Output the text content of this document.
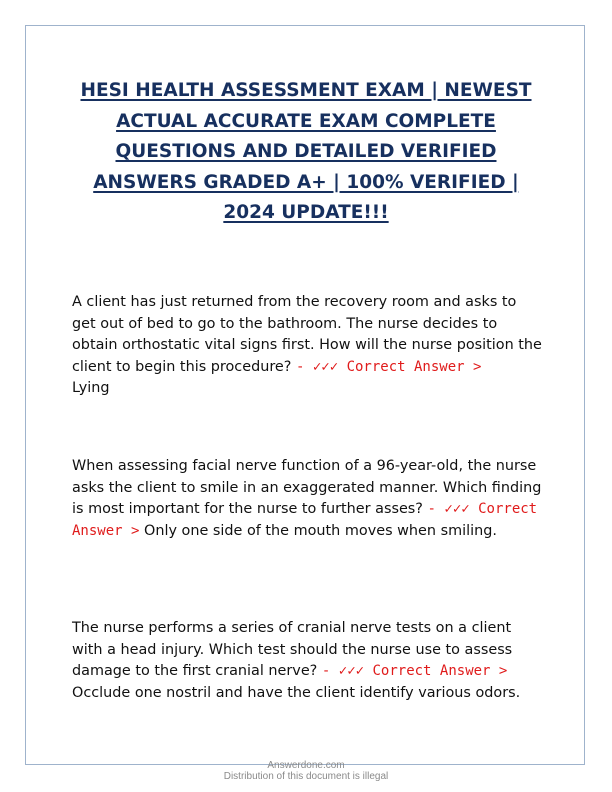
HESI HEALTH ASSESSMENT EXAM | NEWEST ACTUAL ACCURATE EXAM COMPLETE QUESTIONS AND DETAILED VERIFIED ANSWERS GRADED A+ | 100% VERIFIED | 2024 UPDATE!!!

A client has just returned from the recovery room and asks to get out of bed to go to the bathroom. The nurse decides to obtain orthostatic vital signs first. How will the nurse position the client to begin this procedure? - ✓✓✓ Correct Answer >
Lying

When assessing facial nerve function of a 96-year-old, the nurse asks the client to smile in an exaggerated manner. Which finding is most important for the nurse to further asses? - ✓✓✓ Correct Answer > Only one side of the mouth moves when smiling.

The nurse performs a series of cranial nerve tests on a client with a head injury. Which test should the nurse use to assess damage to the first cranial nerve? - ✓✓✓ Correct Answer > Occlude one nostril and have the client identify various odors.

Answerdone.com

Distribution of this document is illegal
